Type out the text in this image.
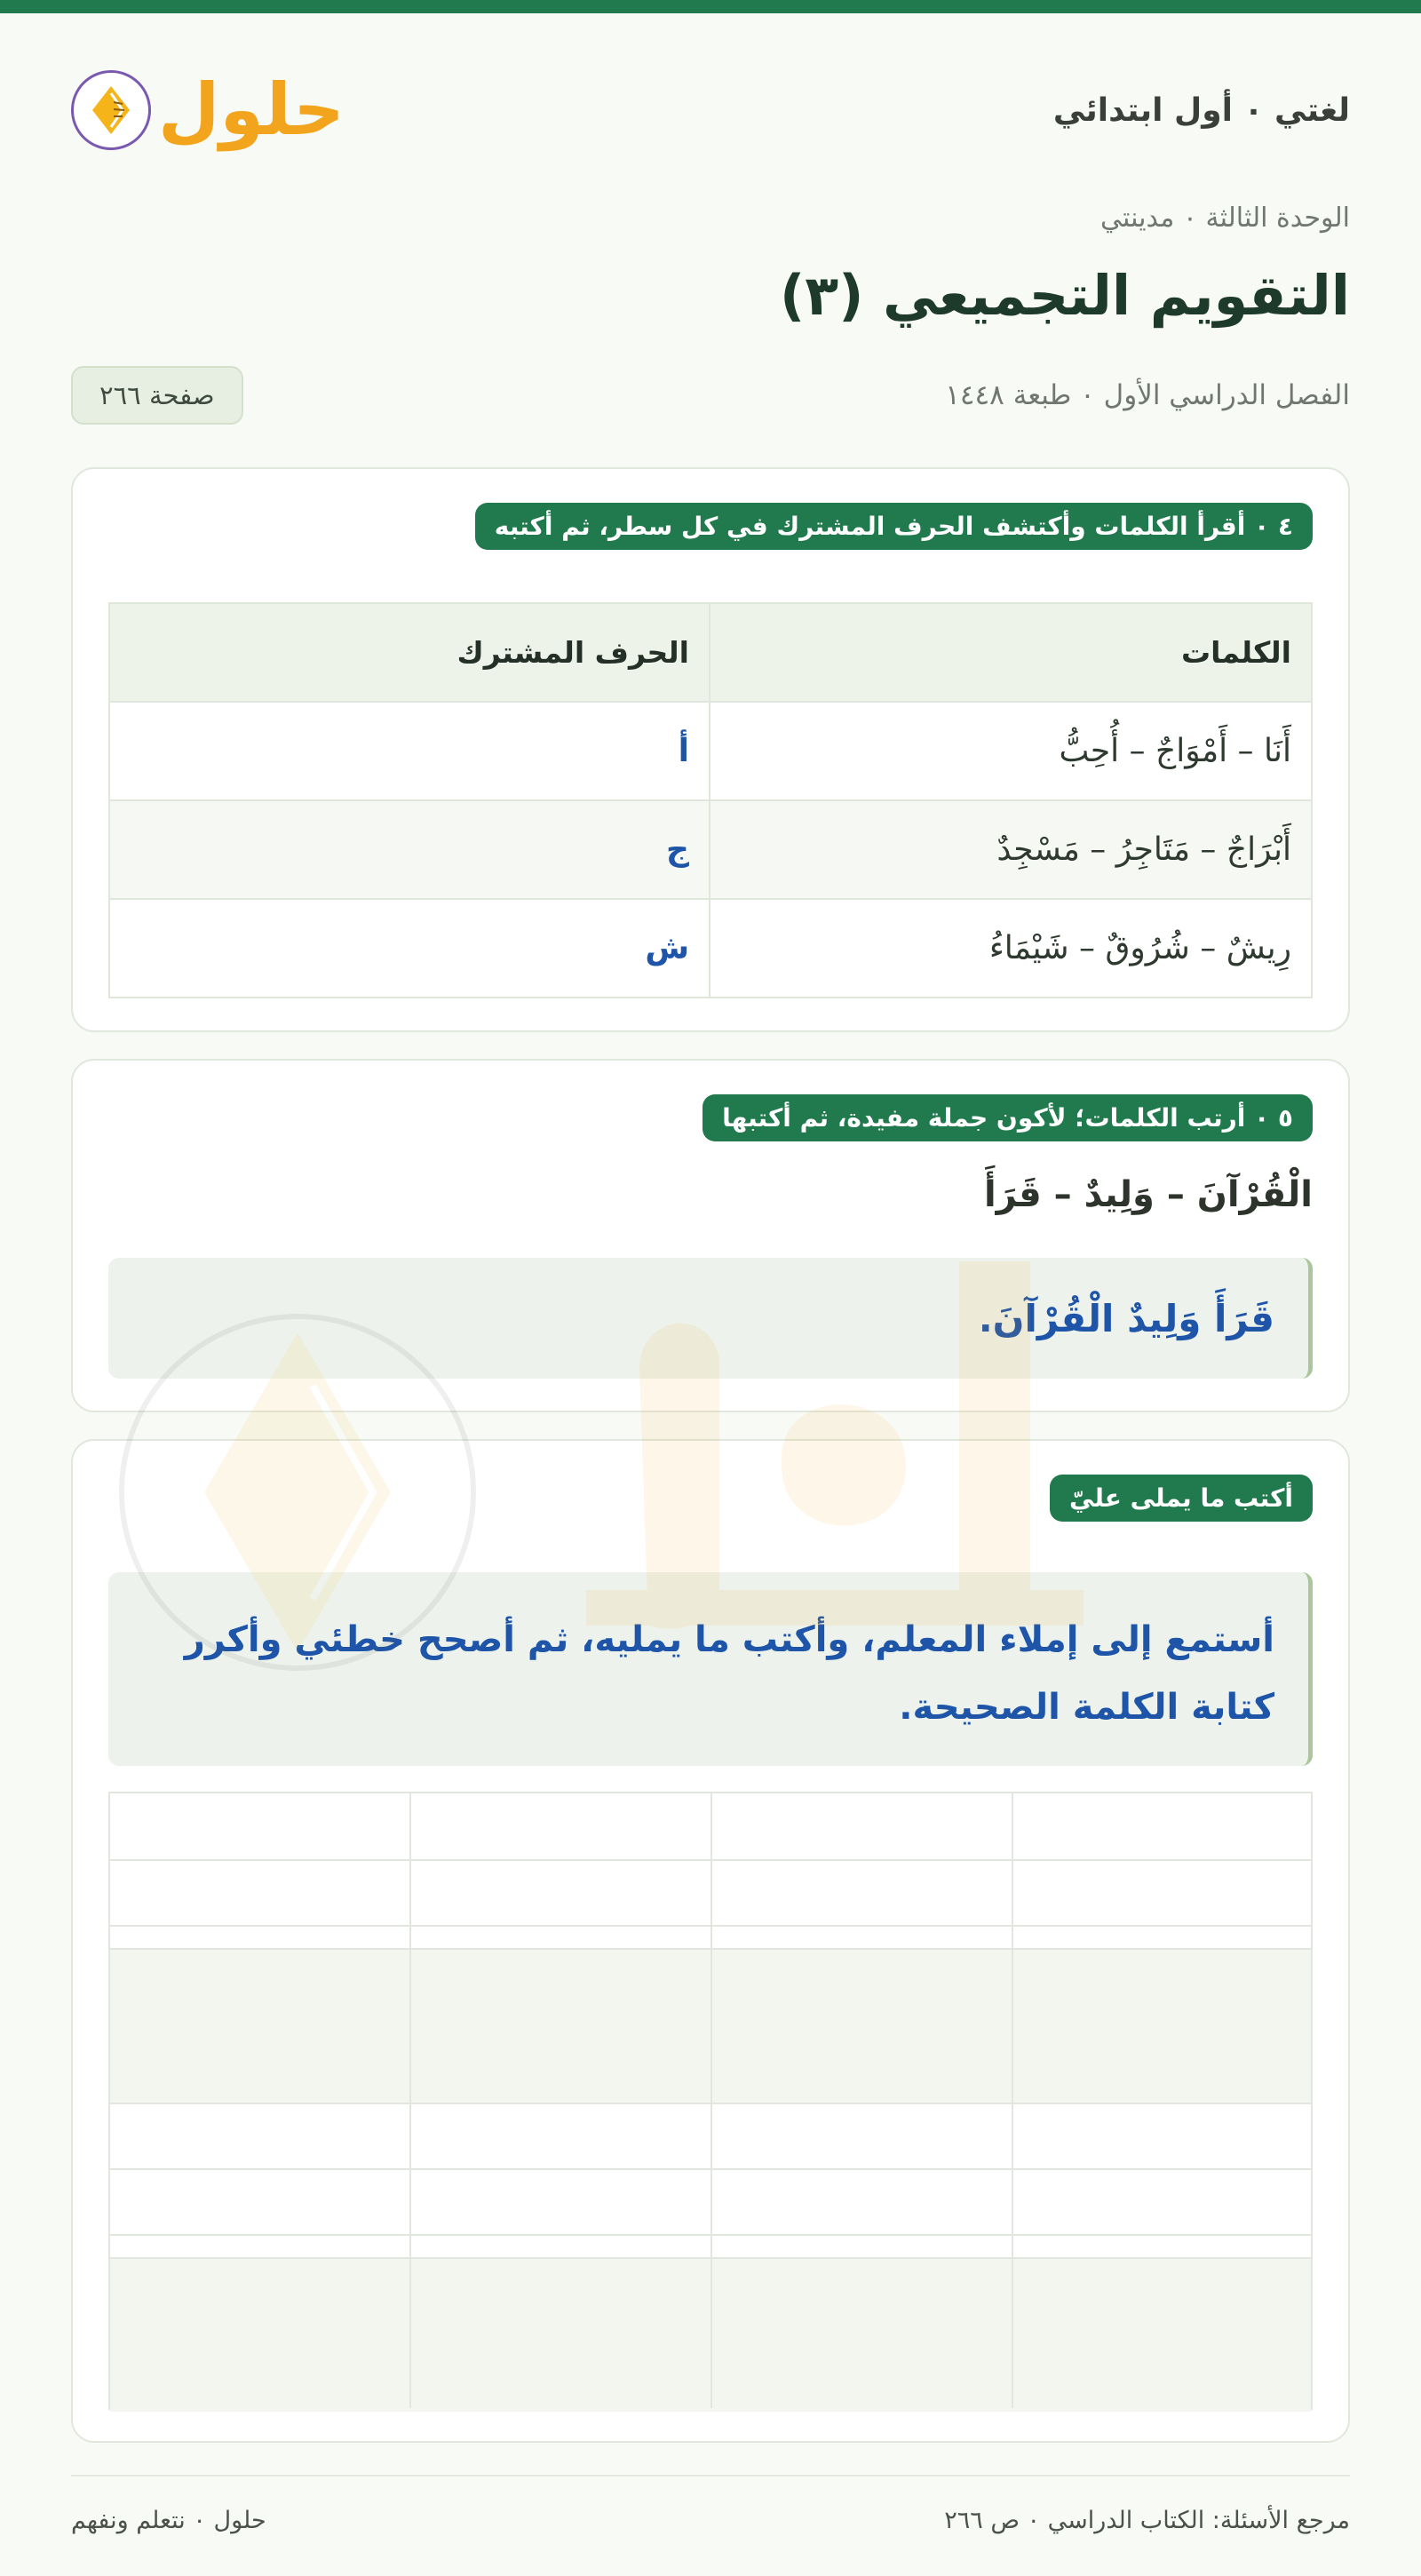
لغتي ٠ أول ابتدائي
حلول
الوحدة الثالثة ٠ مدينتي
التقويم التجميعي (٣)
الفصل الدراسي الأول ٠ طبعة ١٤٤٨
صفحة ٢٦٦
٤ ٠ أقرأ الكلمات وأكتشف الحرف المشترك في كل سطر، ثم أكتبه
الكلمات	الحرف المشترك
أَنَا – أَمْوَاجٌ – أُحِبُّ	أ
أَبْرَاجٌ – مَتَاجِرُ – مَسْجِدٌ	ج
رِيشٌ – شُرُوقٌ – شَيْمَاءُ	ش
٥ ٠ أرتب الكلمات؛ لأكون جملة مفيدة، ثم أكتبها
الْقُرْآنَ – وَلِيدٌ – قَرَأَ
قَرَأَ وَلِيدٌ الْقُرْآنَ.
أكتب ما يملى عليّ

أستمع إلى إملاء المعلم، وأكتب ما يمليه، ثم أصحح خطئي وأكرر كتابة الكلمة الصحيحة.

مرجع الأسئلة: الكتاب الدراسي ٠ ص ٢٦٦
حلول ٠ نتعلم ونفهم
